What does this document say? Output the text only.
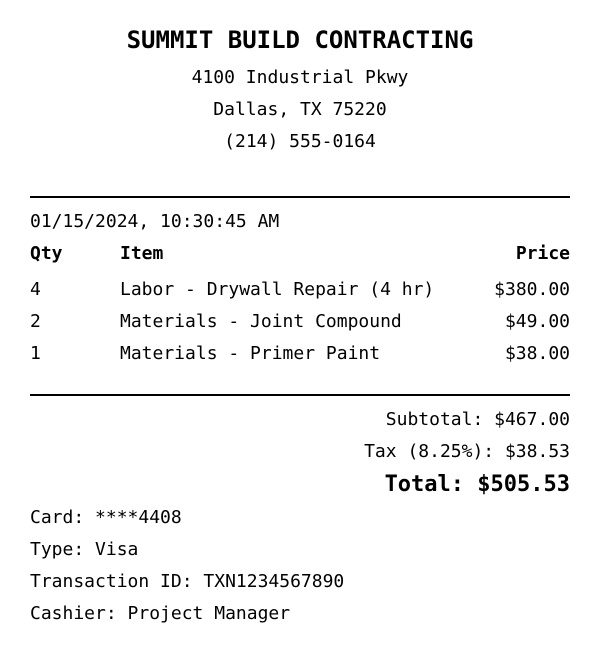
SUMMIT BUILD CONTRACTING
4100 Industrial Pkwy
Dallas, TX 75220
(214) 555-0164
01/15/2024, 10:30:45 AM
Qty	Item	Price
4	Labor - Drywall Repair (4 hr)	$380.00
2	Materials - Joint Compound	$49.00
1	Materials - Primer Paint	$38.00
Subtotal: $467.00
Tax (8.25%): $38.53
Total: $505.53
Card: ****4408
Type: Visa
Transaction ID: TXN1234567890
Cashier: Project Manager
